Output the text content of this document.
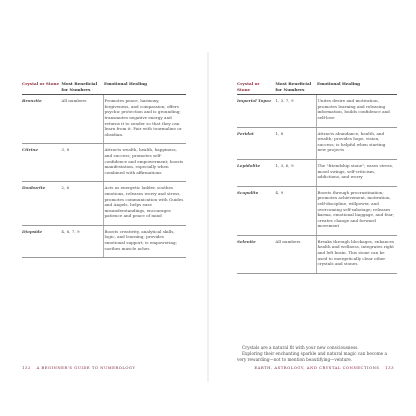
Crystal or Stone	Most Beneficial for Numbers	Emotional Healing
Bronzite	All numbers	Promotes peace, harmony, forgiveness, and compassion; offers psychic protection and is grounding; transmutes negative energy and returns it to sender so that they can learn from it. Pair with tourmaline or obsidian.
Citrine	3, 8	Attracts wealth, health, happiness, and success; promotes self-confidence and empowerment; boosts manifestation, especially when combined with affirmations
Danburite	2, 6	Acts as energetic ladder, soothes emotions, releases worry and stress, promotes communication with Guides and Angels, helps ease misunderstandings, encourages patience and peace of mind
Diopside	4, 6, 7, 9	Boosts creativity, analytical skills, logic, and learning; provides emotional support; is empowering; soothes muscle aches
132 A BEGINNER'S GUIDE TO NUMEROLOGY
Crystal or Stone	Most Beneficial for Numbers	Emotional Healing
Imperial Topaz	1, 3, 7, 9	Unites desire and motivation, promotes learning and releasing information, builds confidence and self-love
Peridot	1, 8	Attracts abundance, health, and wealth; provides hope, vision, success; is helpful when starting new projects
Lepidolite	1, 3, 6, 9	The "friendship stone"; eases stress, mood swings, self-criticism, addictions, and worry
Scapolite	4, 9	Boosts through procrastination; promotes achievement, motivation, self-discipline, willpower, and overcoming self-sabotage; releases karma, emotional baggage, and fear; creates change and forward movement
Selenite	All numbers	Breaks through blockages, enhances health and wellness, integrates right and left brain. This stone can be used to energetically clear other crystals and stones.

Crystals are a natural fit with your new consciousness.

Exploring their enchanting sparkle and natural magic can become a very rewarding—not to mention beautifying—venture.

EARTH, ASTROLOGY, AND CRYSTAL CONNECTIONS 133
